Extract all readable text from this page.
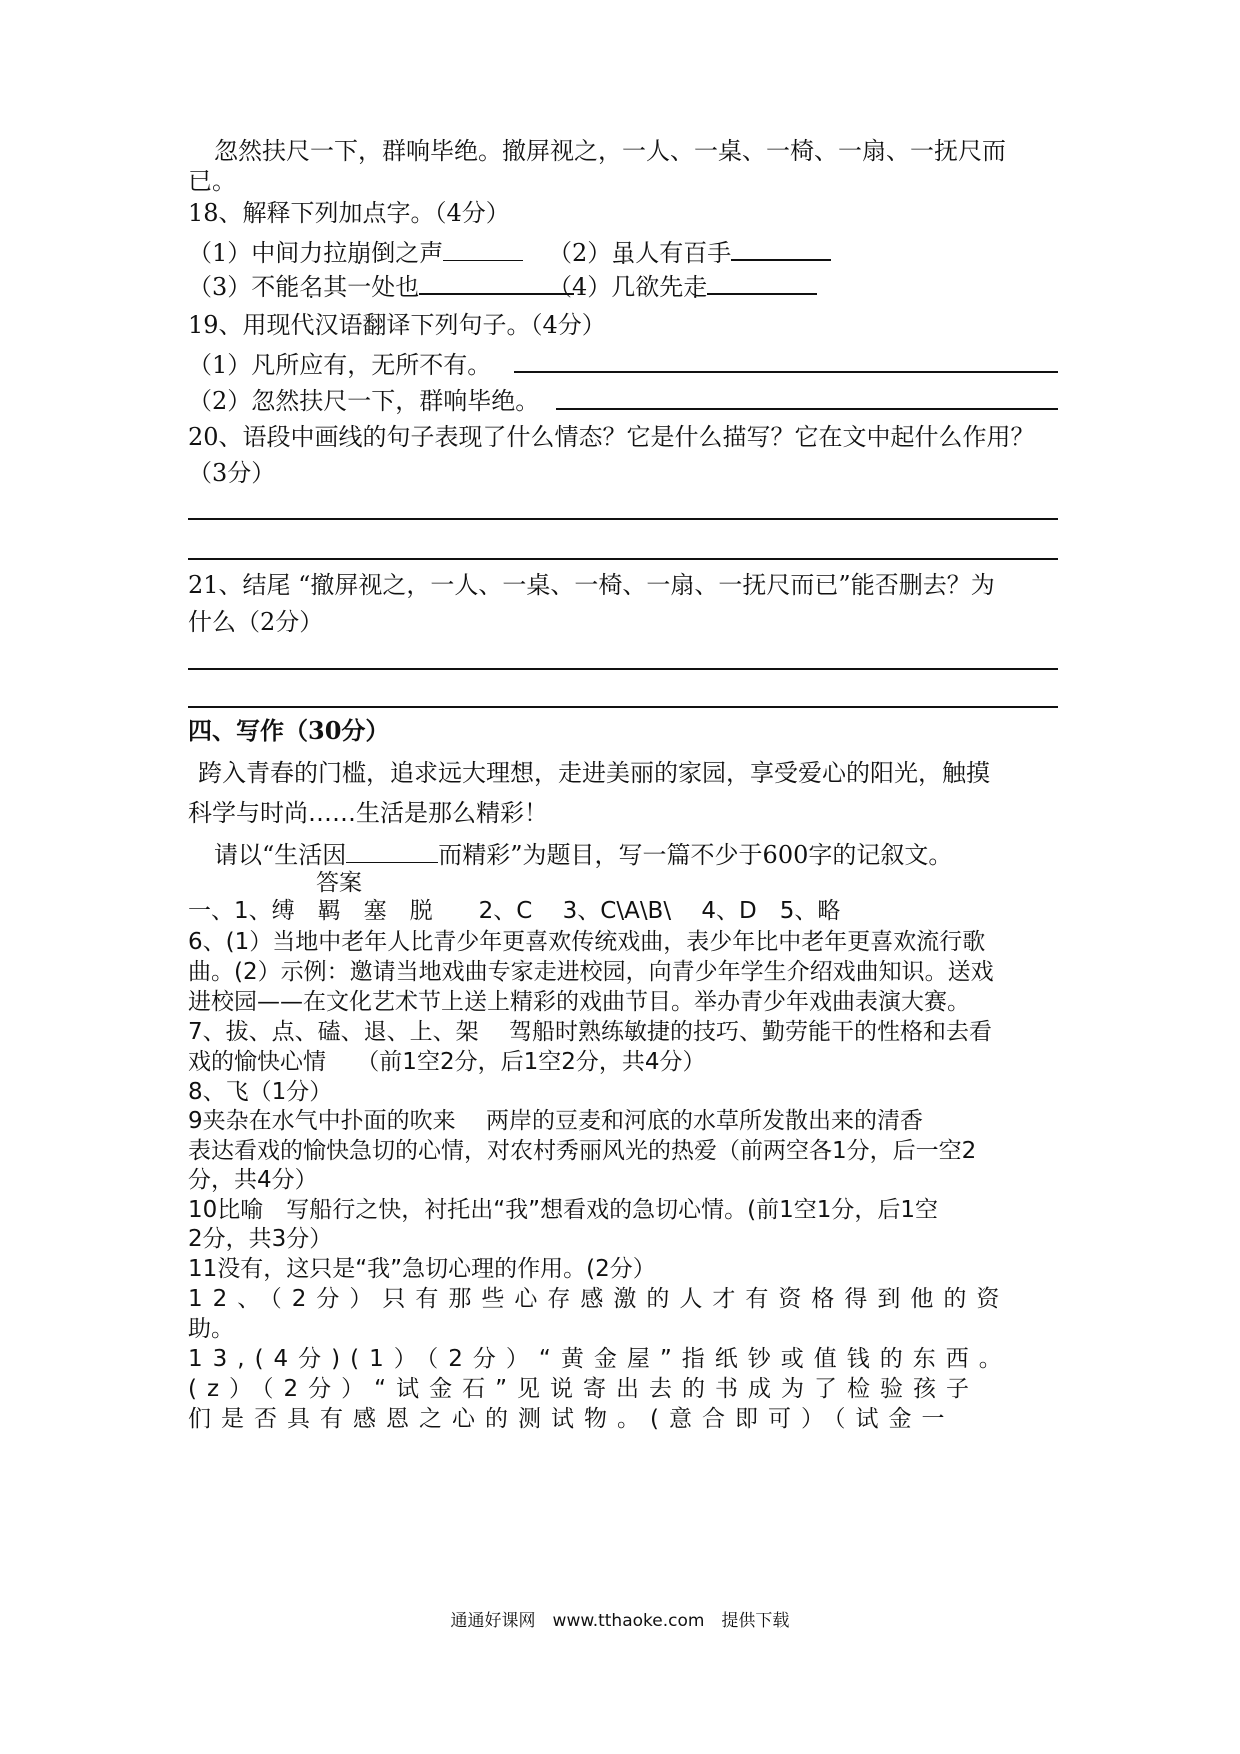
忽然扶尺一下，群响毕绝。撤屏视之，一人、一桌、一椅、一扇、一抚尺而
已。
18、解释下列加点字。（4分）
（1）中间力拉崩倒之声	（2）虽人有百手
（3）不能名其一处也	（4）几欲先走
19、用现代汉语翻译下列句子。（4分）
（1）凡所应有，无所不有。
（2）忽然扶尺一下，群响毕绝。
20、语段中画线的句子表现了什么情态？它是什么描写？它在文中起什么作用？
（3分）
21、结尾 “撤屏视之，一人、一桌、一椅、一扇、一抚尺而已”能否删去？为
什么（2分）
四、写作（30分）
跨入青春的门槛，追求远大理想，走进美丽的家园，享受爱心的阳光，触摸
科学与时尚……生活是那么精彩！
请以“生活因	而精彩”为题目，写一篇不少于600字的记叙文。
答案
一、1、缚　羁　塞　脱　　2、C　 3、C\A\B\　 4、D　5、略
6、(1）当地中老年人比青少年更喜欢传统戏曲，表少年比中老年更喜欢流行歌
曲。(2）示例：邀请当地戏曲专家走进校园，向青少年学生介绍戏曲知识。送戏
进校园——在文化艺术节上送上精彩的戏曲节目。举办青少年戏曲表演大赛。
7、拔、点、磕、退、上、架　 驾船时熟练敏捷的技巧、勤劳能干的性格和去看
戏的愉快心情　 （前1空2分，后1空2分，共4分）
8、飞（1分）
9夹杂在水气中扑面的吹来　 两岸的豆麦和河底的水草所发散出来的清香
表达看戏的愉快急切的心情，对农村秀丽风光的热爱（前两空各1分，后一空2
分，共4分）
10比喻　写船行之快，衬托出“我”想看戏的急切心情。(前1空1分，后1空
2分，共3分）
11没有，这只是“我”急切心理的作用。(2分）
12、（2分）只有那些心存感激的人才有资格得到他的资
助。
13,(4分)(1）（2分）“黄金屋”指纸钞或值钱的东西。
(z）（2分）“试金石”见说寄出去的书成为了检验孩子
们是否具有感恩之心的测试物。(意合即可）（试金一
通通好课网　www.tthaoke.com　提供下载
